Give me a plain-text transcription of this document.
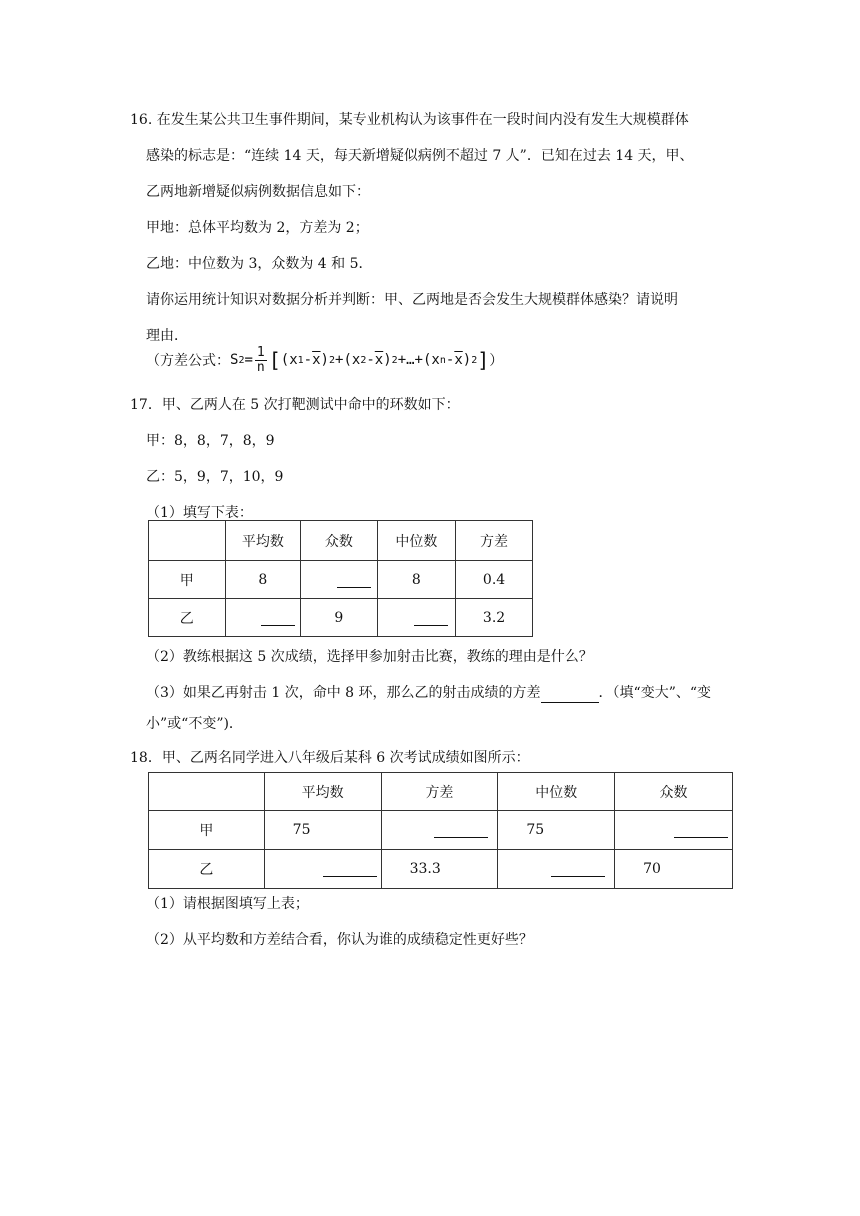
16. 在发生某公共卫生事件期间，某专业机构认为该事件在一段时间内没有发生大规模群体
感染的标志是：“连续 14 天，每天新增疑似病例不超过 7 人”．已知在过去 14 天，甲、
乙两地新增疑似病例数据信息如下：
甲地：总体平均数为 2，方差为 2；
乙地：中位数为 3，众数为 4 和 5．
请你运用统计知识对数据分析并判断：甲、乙两地是否会发生大规模群体感染？请说明
理由．
（方差公式： S $2 = \frac{1}{n}$ [ (x $1 - \overline{x}$ ) 2 +(x $2 - \overline{x}$ ) 2 +…+(x n - $\overline{x}$ ) 2 ] ）
17．甲、乙两人在 5 次打靶测试中命中的环数如下：
甲：8，8，7，8，9
乙：5，9，7，10，9
（1）填写下表：
	平均数	众数	中位数	方差
甲	8		8	0.4
乙		9		3.2
（2）教练根据这 5 次成绩，选择甲参加射击比赛，教练的理由是什么？
（3）如果乙再射击 1 次，命中 8 环，那么乙的射击成绩的方差	．（填“变大”、“变
小”或“不变”)．
18．甲、乙两名同学进入八年级后某科 6 次考试成绩如图所示：
	平均数	方差	中位数	众数
甲	75		75	
乙		33.3		70
（1）请根据图填写上表；
（2）从平均数和方差结合看，你认为谁的成绩稳定性更好些？
